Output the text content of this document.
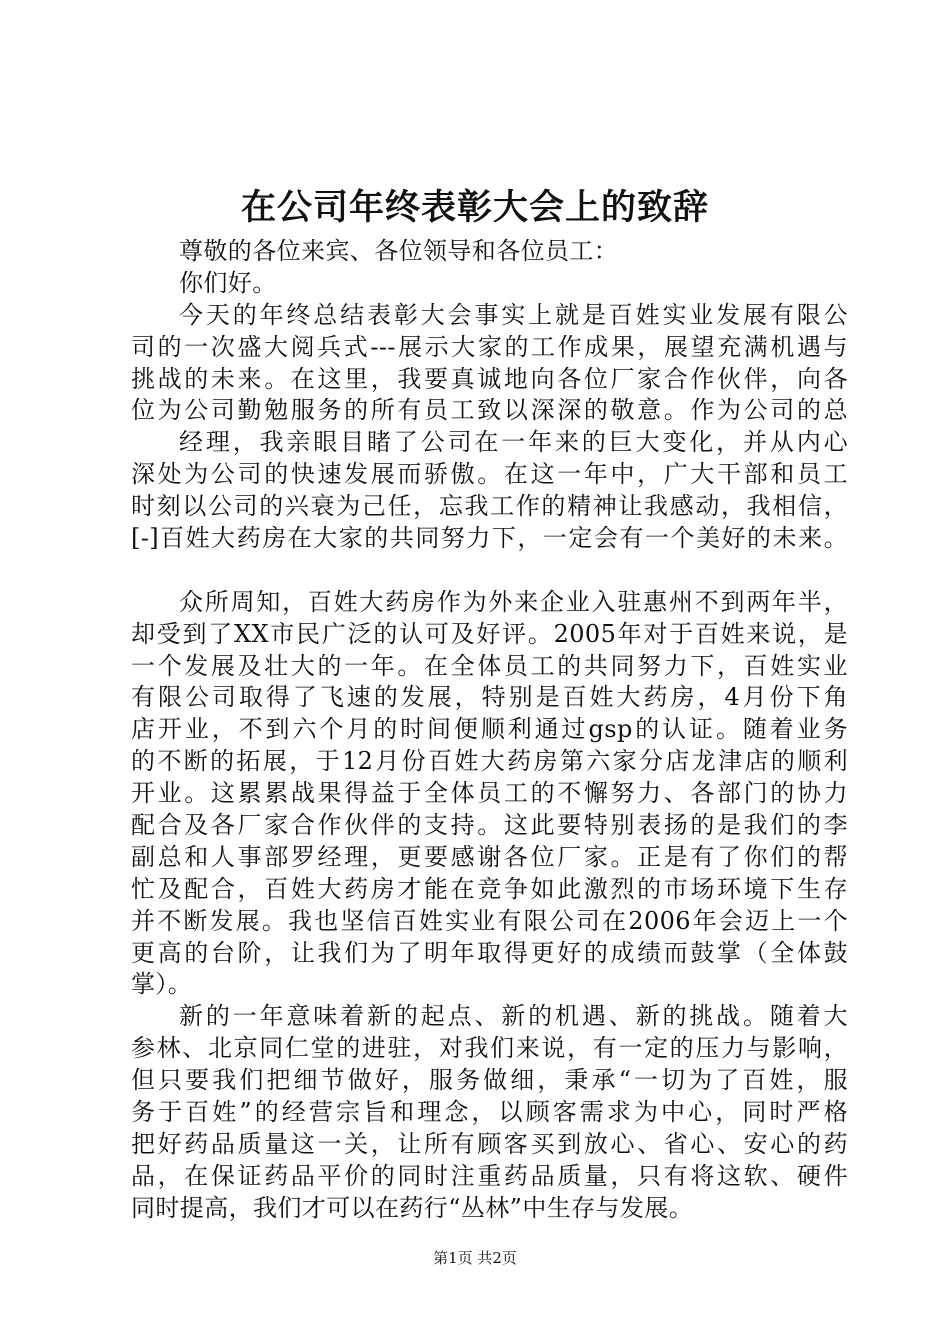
在公司年终表彰大会上的致辞
尊敬的各位来宾、各位领导和各位员工：
你们好。
今天的年终总结表彰大会事实上就是百姓实业发展有限公
司的一次盛大阅兵式---展示大家的工作成果，展望充满机遇与
挑战的未来。在这里，我要真诚地向各位厂家合作伙伴，向各
位为公司勤勉服务的所有员工致以深深的敬意。作为公司的总
经理，我亲眼目睹了公司在一年来的巨大变化，并从内心
深处为公司的快速发展而骄傲。在这一年中，广大干部和员工
时刻以公司的兴衰为己任，忘我工作的精神让我感动，我相信，
[-]百姓大药房在大家的共同努力下，一定会有一个美好的未来。
众所周知，百姓大药房作为外来企业入驻惠州不到两年半，
却受到了XX市民广泛的认可及好评。2005年对于百姓来说，是
一个发展及壮大的一年。在全体员工的共同努力下，百姓实业
有限公司取得了飞速的发展，特别是百姓大药房，4月份下角
店开业，不到六个月的时间便顺利通过gsp的认证。随着业务
的不断的拓展，于12月份百姓大药房第六家分店龙津店的顺利
开业。这累累战果得益于全体员工的不懈努力、各部门的协力
配合及各厂家合作伙伴的支持。这此要特别表扬的是我们的李
副总和人事部罗经理，更要感谢各位厂家。正是有了你们的帮
忙及配合，百姓大药房才能在竞争如此激烈的市场环境下生存
并不断发展。我也坚信百姓实业有限公司在2006年会迈上一个
更高的台阶，让我们为了明年取得更好的成绩而鼓掌（全体鼓
掌）。
新的一年意味着新的起点、新的机遇、新的挑战。随着大
参林、北京同仁堂的进驻，对我们来说，有一定的压力与影响，
但只要我们把细节做好，服务做细，秉承“一切为了百姓，服
务于百姓”的经营宗旨和理念，以顾客需求为中心，同时严格
把好药品质量这一关，让所有顾客买到放心、省心、安心的药
品，在保证药品平价的同时注重药品质量，只有将这软、硬件
同时提高，我们才可以在药行“丛林”中生存与发展。
第1页 共2页
